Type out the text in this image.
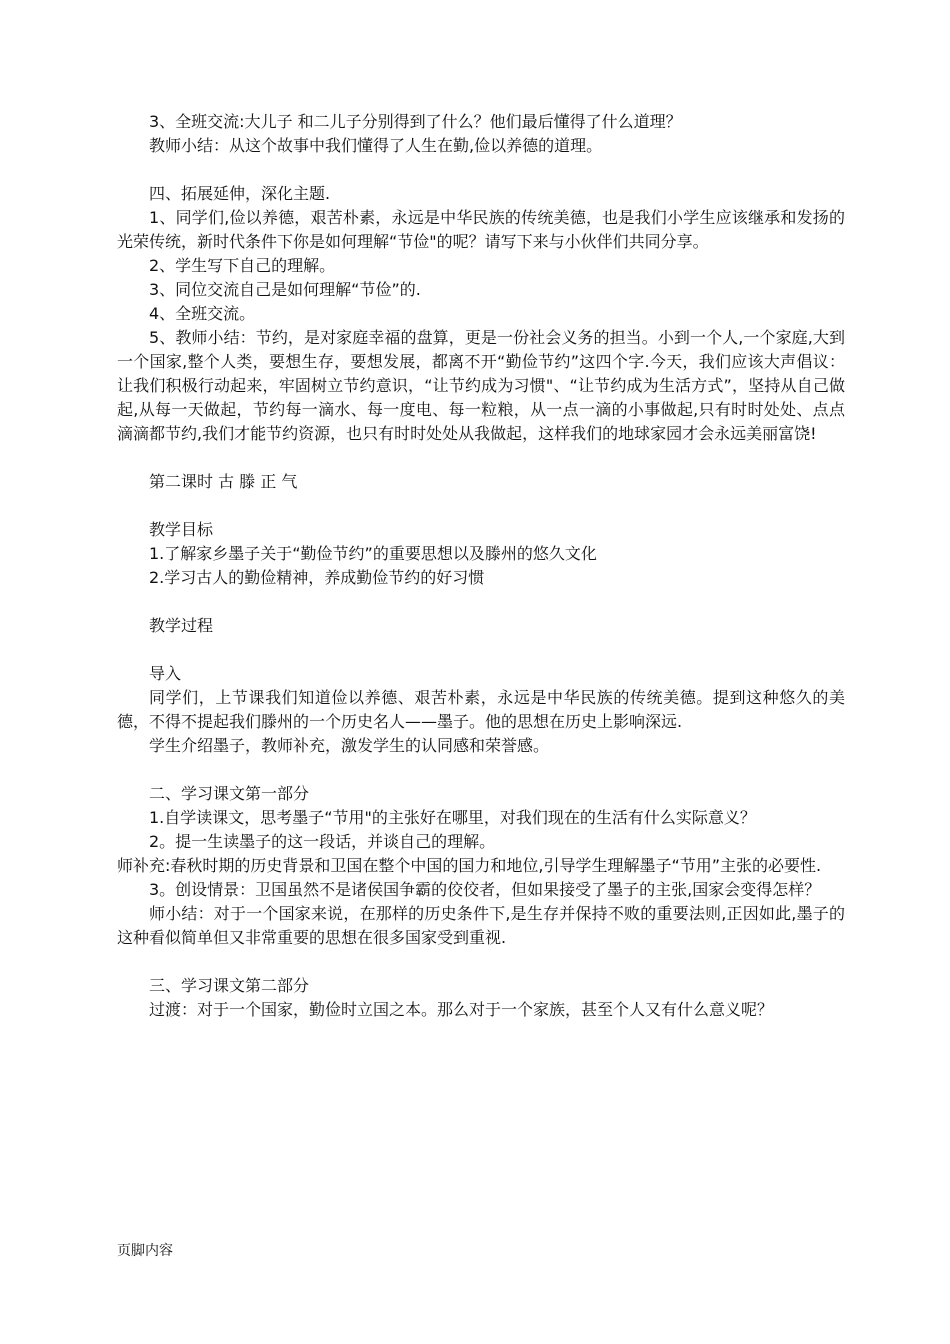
3、全班交流:大儿子 和二儿子分别得到了什么？他们最后懂得了什么道理？

教师小结：从这个故事中我们懂得了人生在勤,俭以养德的道理。

四、拓展延伸，深化主题.

1、同学们,俭以养德，艰苦朴素，永远是中华民族的传统美德，也是我们小学生应该继承和发扬的光荣传统，新时代条件下你是如何理解“节俭"的呢？请写下来与小伙伴们共同分享。

2、学生写下自己的理解。

3、同位交流自己是如何理解“节俭”的.

4、全班交流。

5、教师小结：节约，是对家庭幸福的盘算，更是一份社会义务的担当。小到一个人,一个家庭,大到一个国家,整个人类，要想生存，要想发展，都离不开“勤俭节约”这四个字.今天，我们应该大声倡议：让我们积极行动起来，牢固树立节约意识，“让节约成为习惯"、“让节约成为生活方式”，坚持从自己做起,从每一天做起，节约每一滴水、每一度电、每一粒粮，从一点一滴的小事做起,只有时时处处、点点滴滴都节约,我们才能节约资源，也只有时时处处从我做起，这样我们的地球家园才会永远美丽富饶!

第二课时 古 滕 正 气

教学目标

1.了解家乡墨子关于“勤俭节约”的重要思想以及滕州的悠久文化

2.学习古人的勤俭精神，养成勤俭节约的好习惯

教学过程

导入

同学们，上节课我们知道俭以养德、艰苦朴素，永远是中华民族的传统美德。提到这种悠久的美德，不得不提起我们滕州的一个历史名人——墨子。他的思想在历史上影响深远.

学生介绍墨子，教师补充，激发学生的认同感和荣誉感。

二、学习课文第一部分

1.自学读课文，思考墨子“节用"的主张好在哪里，对我们现在的生活有什么实际意义？

2。提一生读墨子的这一段话，并谈自己的理解。

师补充:春秋时期的历史背景和卫国在整个中国的国力和地位,引导学生理解墨子“节用”主张的必要性.

3。创设情景：卫国虽然不是诸侯国争霸的佼佼者，但如果接受了墨子的主张,国家会变得怎样？

师小结：对于一个国家来说，在那样的历史条件下,是生存并保持不败的重要法则,正因如此,墨子的这种看似简单但又非常重要的思想在很多国家受到重视.

三、学习课文第二部分

过渡：对于一个国家，勤俭时立国之本。那么对于一个家族，甚至个人又有什么意义呢？

页脚内容
